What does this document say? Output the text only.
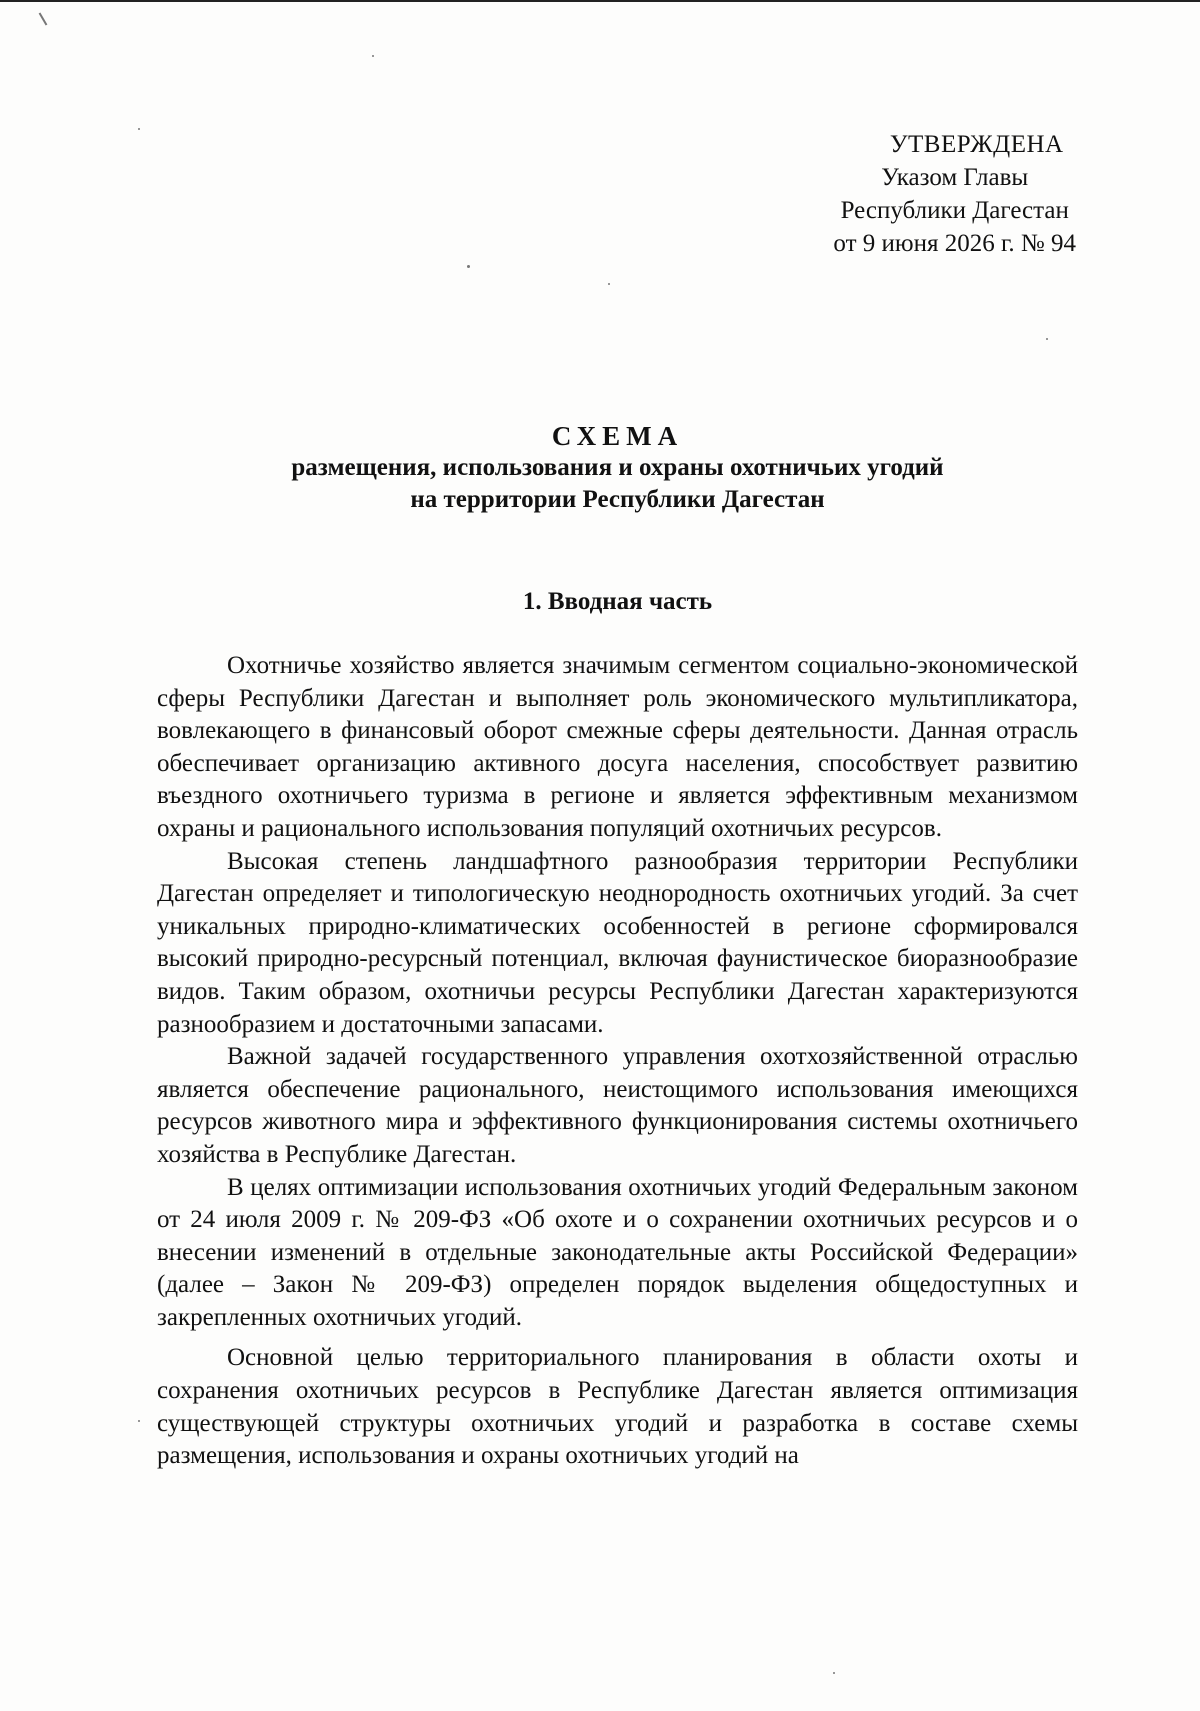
УТВЕРЖДЕНА
Указом Главы
Республики Дагестан
от 9 июня 2026 г. № 94
СХЕМА
размещения, использования и охраны охотничьих угодий
на территории Республики Дагестан
1. Вводная часть

Охотничье хозяйство является значимым сегментом социально-экономической сферы Республики Дагестан и выполняет роль экономического мультипликатора, вовлекающего в финансовый оборот смежные сферы деятельности. Данная отрасль обеспечивает организацию активного досуга населения, способствует развитию въездного охотничьего туризма в регионе и является эффективным механизмом охраны и рационального использования популяций охотничьих ресурсов.

Высокая степень ландшафтного разнообразия территории Республики Дагестан определяет и типологическую неоднородность охотничьих угодий. За счет уникальных природно-климатических особенностей в регионе сформировался высокий природно-ресурсный потенциал, включая фаунистическое биоразнообразие видов. Таким образом, охотничьи ресурсы Республики Дагестан характеризуются разнообразием и достаточными запасами.

Важной задачей государственного управления охотхозяйственной отраслью является обеспечение рационального, неистощимого использования имеющихся ресурсов животного мира и эффективного функционирования системы охотничьего хозяйства в Республике Дагестан.

В целях оптимизации использования охотничьих угодий Федеральным законом от 24 июля 2009 г. № 209-ФЗ «Об охоте и о сохранении охотничьих ресурсов и о внесении изменений в отдельные законодательные акты Российской Федерации» (далее – Закон № 209-ФЗ) определен порядок выделения общедоступных и закрепленных охотничьих угодий.

Основной целью территориального планирования в области охоты и сохранения охотничьих ресурсов в Республике Дагестан является оптимизация существующей структуры охотничьих угодий и разработка в составе схемы размещения, использования и охраны охотничьих угодий на
